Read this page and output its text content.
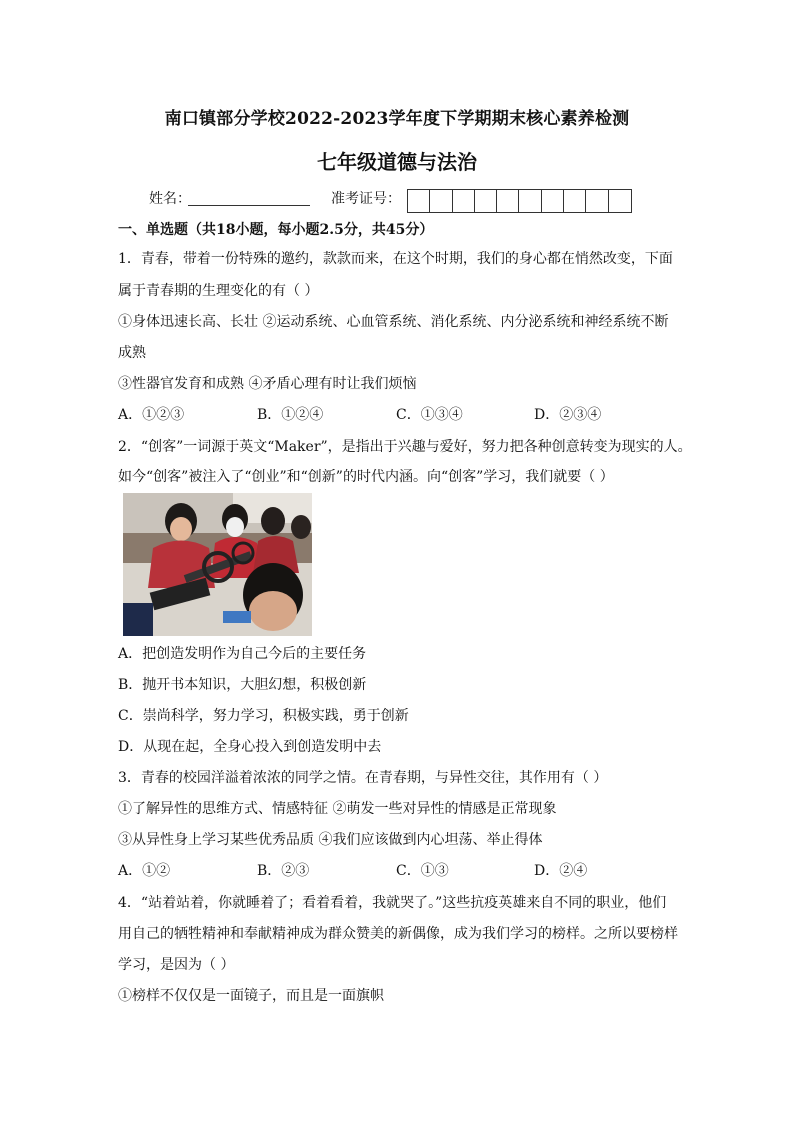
南口镇部分学校2022-2023学年度下学期期末核心素养检测
七年级道德与法治
姓名：	准考证号：
一、单选题（共18小题，每小题2.5分，共45分）
1．青春，带着一份特殊的邀约，款款而来，在这个时期，我们的身心都在悄然改变，下面
属于青春期的生理变化的有（ ）
①身体迅速长高、长壮 ②运动系统、心血管系统、消化系统、内分泌系统和神经系统不断
成熟
③性器官发育和成熟 ④矛盾心理有时让我们烦恼
A．①②③	B．①②④	C．①③④	D．②③④
2．“创客”一词源于英文“Maker”，是指出于兴趣与爱好，努力把各种创意转变为现实的人。
如今“创客”被注入了“创业”和“创新”的时代内涵。向“创客”学习，我们就要（ ）
A．把创造发明作为自己今后的主要任务
B．抛开书本知识，大胆幻想，积极创新
C．崇尚科学，努力学习，积极实践，勇于创新
D．从现在起，全身心投入到创造发明中去
3．青春的校园洋溢着浓浓的同学之情。在青春期，与异性交往，其作用有（ ）
①了解异性的思维方式、情感特征 ②萌发一些对异性的情感是正常现象
③从异性身上学习某些优秀品质 ④我们应该做到内心坦荡、举止得体
A．①②	B．②③	C．①③	D．②④
4．“站着站着，你就睡着了；看着看着，我就哭了。”这些抗疫英雄来自不同的职业，他们
用自己的牺牲精神和奉献精神成为群众赞美的新偶像，成为我们学习的榜样。之所以要榜样
学习，是因为（ ）
①榜样不仅仅是一面镜子，而且是一面旗帜
